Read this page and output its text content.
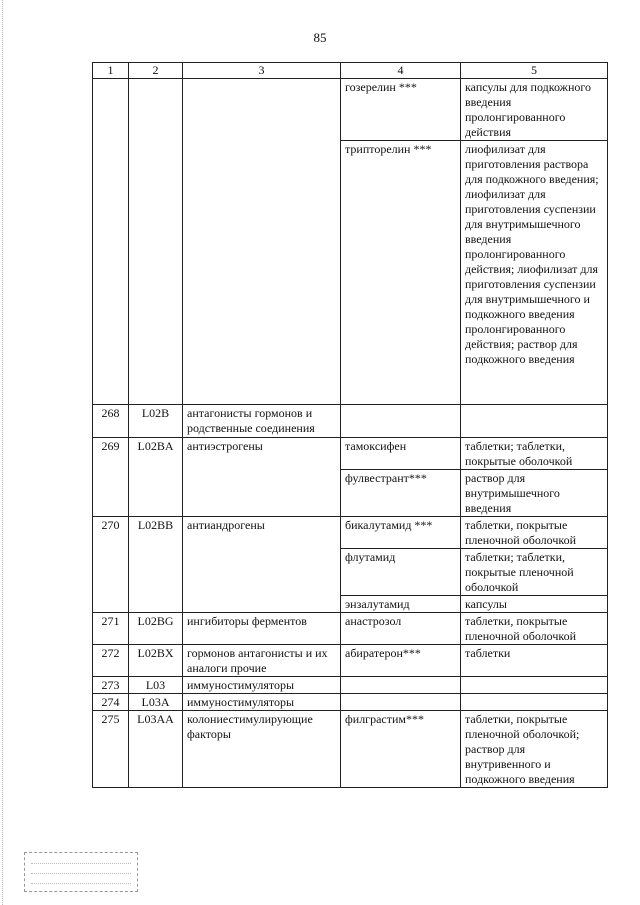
85
1	2	3	4	5
			гозерелин ***	капсулы для подкожного введения пролонгированного действия
			трипторелин ***	лиофилизат для приготовления раствора для подкожного введения; лиофилизат для приготовления суспензии для внутримышечного введения пролонгированного действия; лиофилизат для приготовления суспензии для внутримышечного и подкожного введения пролонгированного действия; раствор для подкожного введения
268	L02B	антагонисты гормонов и родственные соединения		
269	L02BA	антиэстрогены	тамоксифен	таблетки; таблетки, покрытые оболочкой
			фулвестрант***	раствор для внутримышечного введения
270	L02BB	антиандрогены	бикалутамид ***	таблетки, покрытые пленочной оболочкой
			флутамид	таблетки; таблетки, покрытые пленочной оболочкой
			энзалутамид	капсулы
271	L02BG	ингибиторы ферментов	анастрозол	таблетки, покрытые пленочной оболочкой
272	L02BX	гормонов антагонисты и их аналоги прочие	абиратерон***	таблетки
273	L03	иммуностимуляторы		
274	L03A	иммуностимуляторы		
275	L03AA	колониестимулирующие факторы	филграстим***	таблетки, покрытые пленочной оболочкой; раствор для внутривенного и подкожного введения
